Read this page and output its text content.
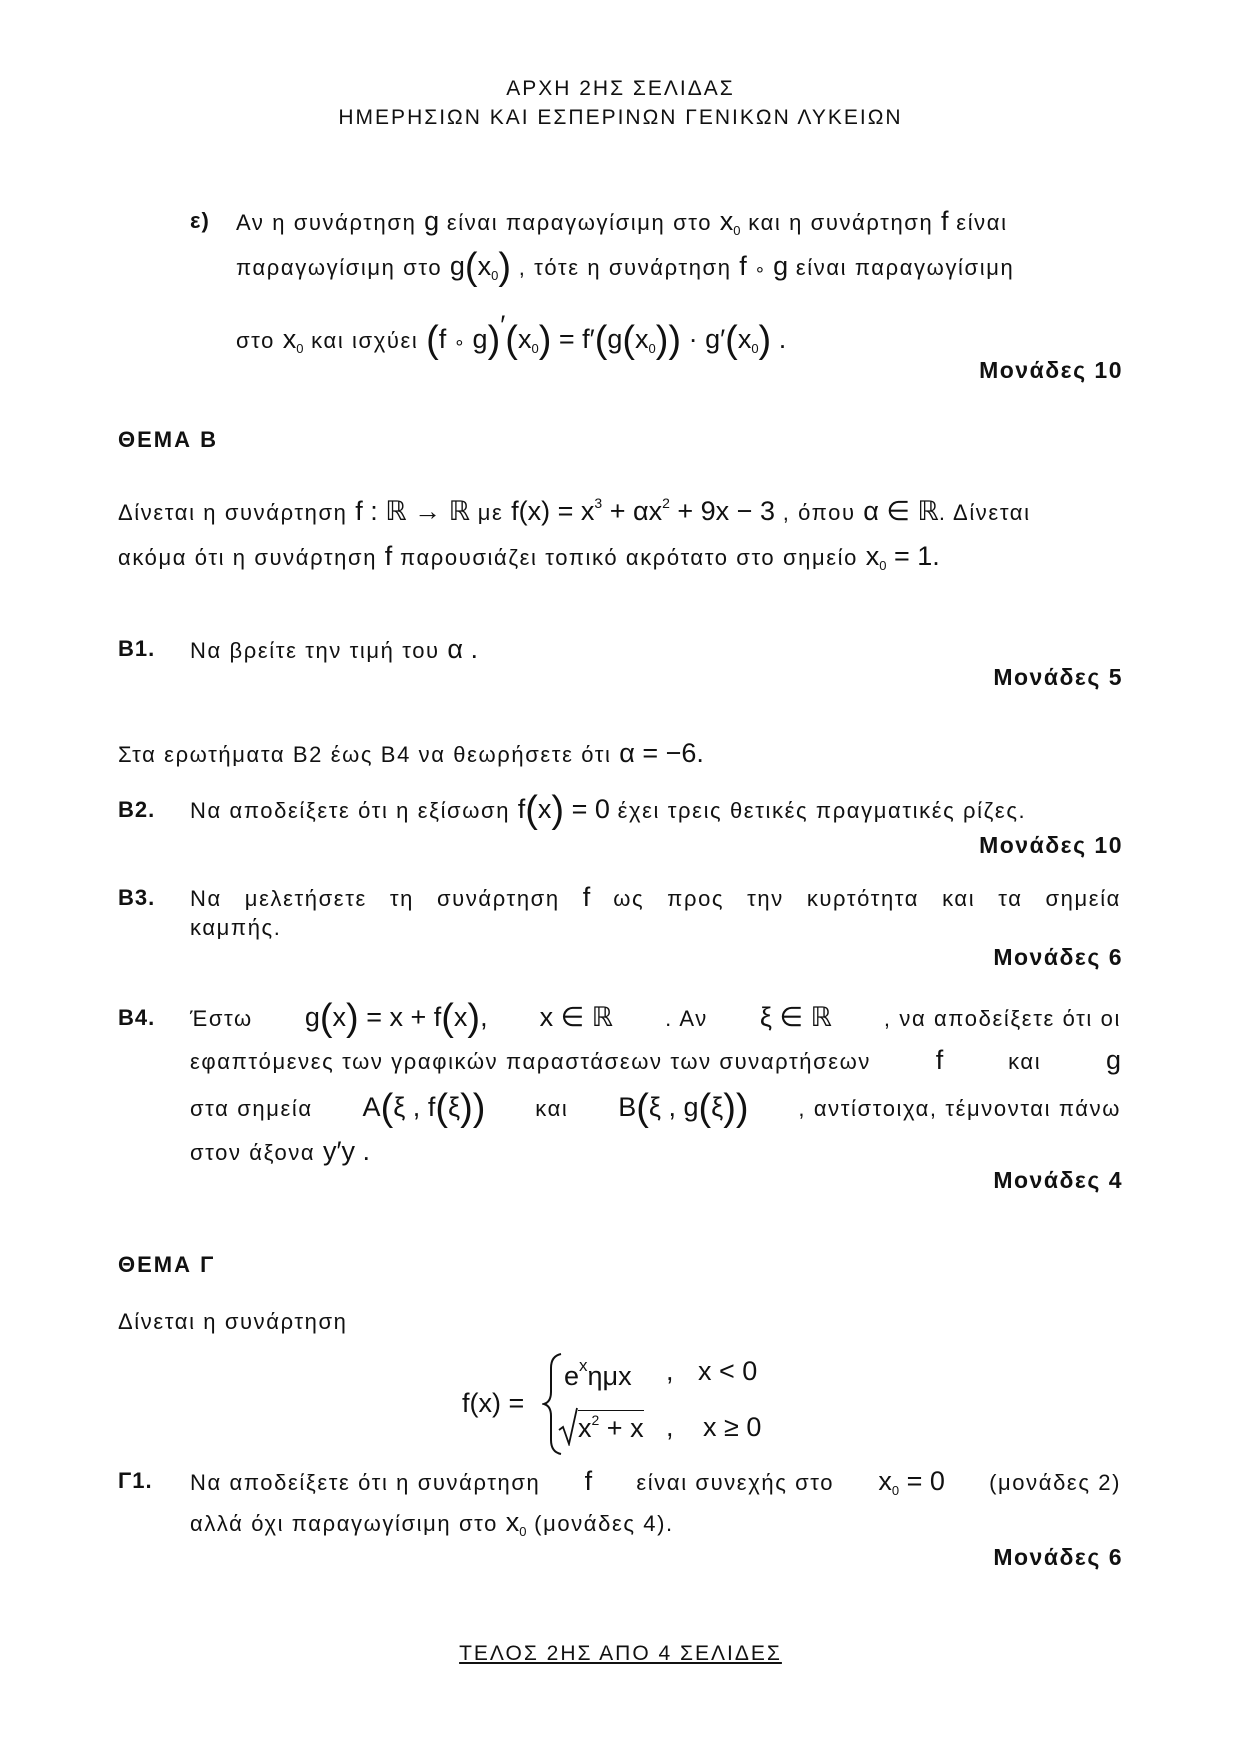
ΑΡΧΗ 2ΗΣ ΣΕΛΙΔΑΣ
ΗΜΕΡΗΣΙΩΝ ΚΑΙ ΕΣΠΕΡΙΝΩΝ ΓΕΝΙΚΩΝ ΛΥΚΕΙΩΝ
ε) Αν η συνάρτηση g είναι παραγωγίσιμη στο $x_0$ και η συνάρτηση f είναι
παραγωγίσιμη στο $g(x_0)$ , τότε η συνάρτηση f ∘ g είναι παραγωγίσιμη
στο $x_0$ και ισχύει (f ∘ $g)'(x_0) = f'(g(x_0)) \cdot g'(x_0)$ .
Μονάδες 10
ΘΕΜΑ Β
Δίνεται η συνάρτηση f : ℝ → ℝ με $f(x) = x^3 + \alpha x^2 + 9x - 3$ , όπου α ∈ ℝ. Δίνεται
ακόμα ότι η συνάρτηση f παρουσιάζει τοπικό ακρότατο στο σημείο $x_0 = 1$.
Β1. Να βρείτε την τιμή του α .
Μονάδες 5
Στα ερωτήματα Β2 έως Β4 να θεωρήσετε ότι α = −6.
Β2. Να αποδείξετε ότι η εξίσωση f(x) = 0 έχει τρεις θετικές πραγματικές ρίζες.
Μονάδες 10
Β3. Να μελετήσετε τη συνάρτηση f ως προς την κυρτότητα και τα σημεία
καμπής.
Μονάδες 6
Β4. Έστω g(x) = x + f(x), x ∈ ℝ . Αν ξ ∈ ℝ , να αποδείξετε ότι οι
εφαπτόμενες των γραφικών παραστάσεων των συναρτήσεων f	και g
στα σημεία A(ξ , f(ξ)) και B(ξ , g(ξ)) , αντίστοιχα, τέμνονται πάνω
στον άξονα y′y .
Μονάδες 4
ΘΕΜΑ Γ
Δίνεται η συνάρτηση
f(x) =
$e^x\eta\mu x$ , x < 0
$x^2 + x$ , x ≥ 0
Γ1. Να αποδείξετε ότι η συνάρτηση f είναι συνεχής στο $x_0 = 0$ (μονάδες 2)
αλλά όχι παραγωγίσιμη στο $x_0$ (μονάδες 4).
Μονάδες 6
ΤΕΛΟΣ 2ΗΣ ΑΠΟ 4 ΣΕΛΙΔΕΣ
